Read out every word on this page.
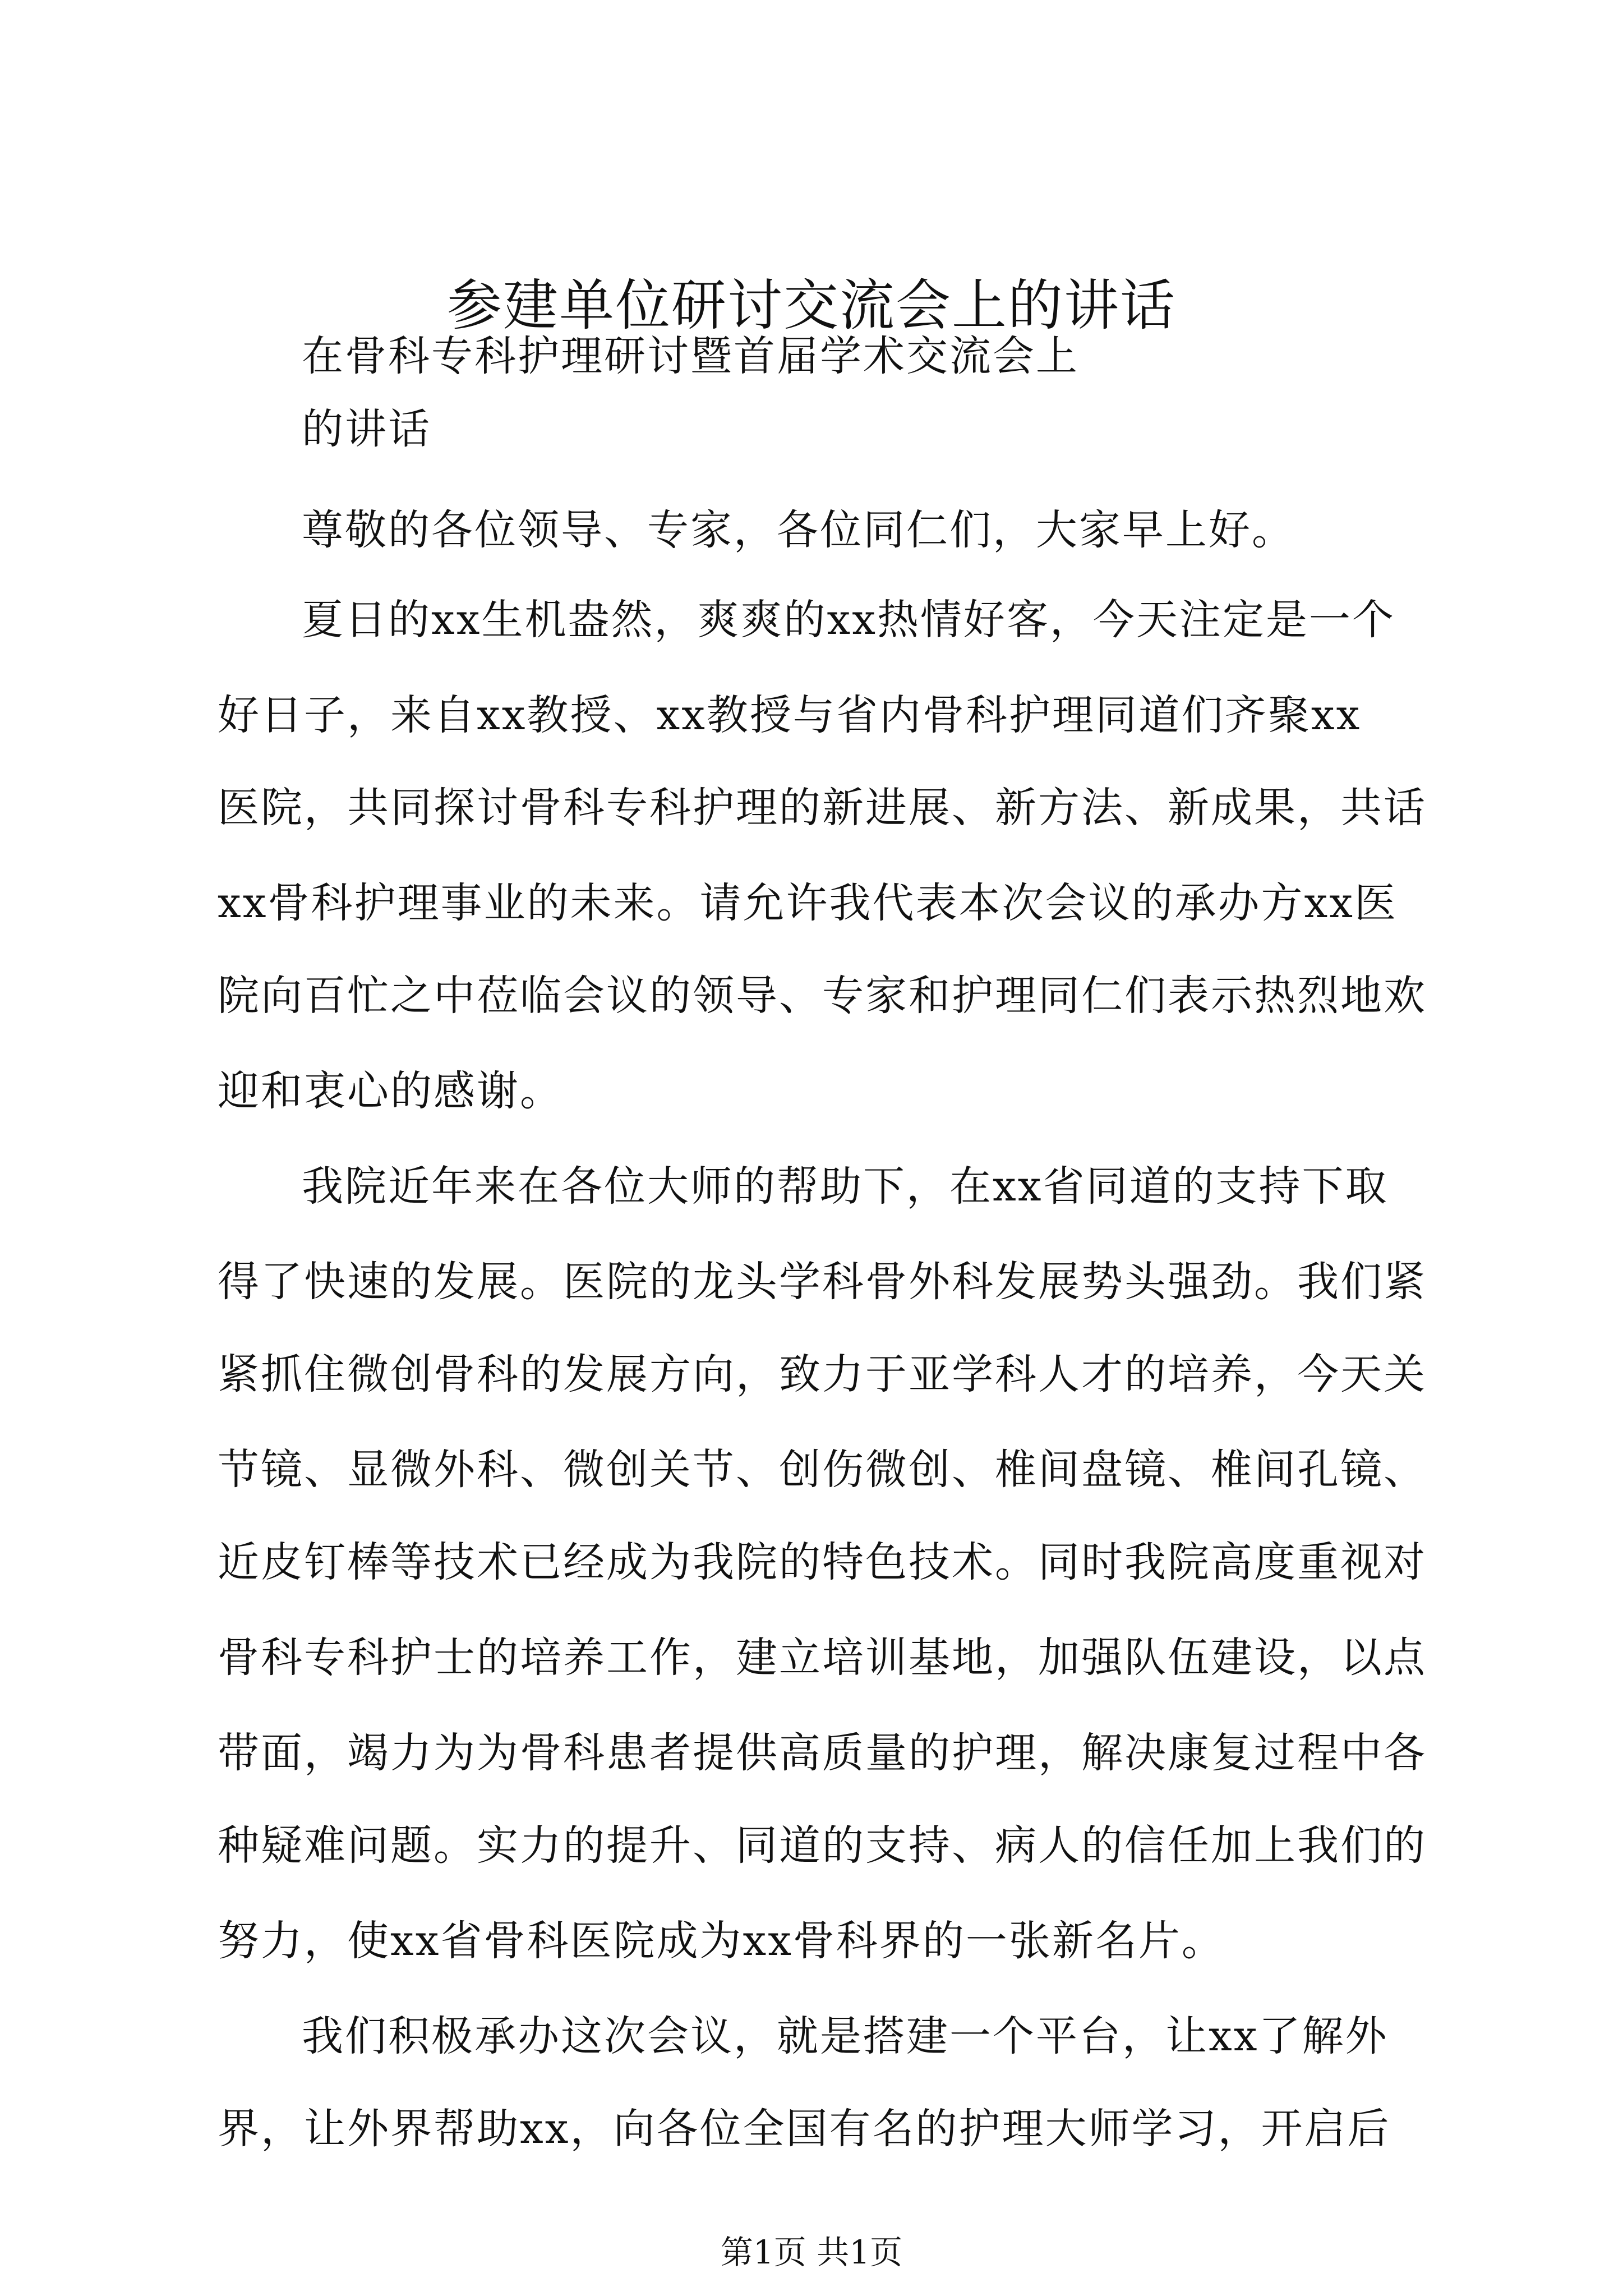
参建单位研讨交流会上的讲话
在骨科专科护理研讨暨首届学术交流会上
的讲话
尊敬的各位领导、专家，各位同仁们，大家早上好。
夏日的xx生机盎然，爽爽的xx热情好客，今天注定是一个
好日子，来自xx教授、xx教授与省内骨科护理同道们齐聚xx
医院，共同探讨骨科专科护理的新进展、新方法、新成果，共话
xx骨科护理事业的未来。请允许我代表本次会议的承办方xx医
院向百忙之中莅临会议的领导、专家和护理同仁们表示热烈地欢
迎和衷心的感谢。
我院近年来在各位大师的帮助下，在xx省同道的支持下取
得了快速的发展。医院的龙头学科骨外科发展势头强劲。我们紧
紧抓住微创骨科的发展方向，致力于亚学科人才的培养，今天关
节镜、显微外科、微创关节、创伤微创、椎间盘镜、椎间孔镜、
近皮钉棒等技术已经成为我院的特色技术。同时我院高度重视对
骨科专科护士的培养工作，建立培训基地，加强队伍建设，以点
带面，竭力为为骨科患者提供高质量的护理，解决康复过程中各
种疑难问题。实力的提升、同道的支持、病人的信任加上我们的
努力，使xx省骨科医院成为xx骨科界的一张新名片。
我们积极承办这次会议，就是搭建一个平台，让xx了解外
界，让外界帮助xx，向各位全国有名的护理大师学习，开启后
第1页 共1页
